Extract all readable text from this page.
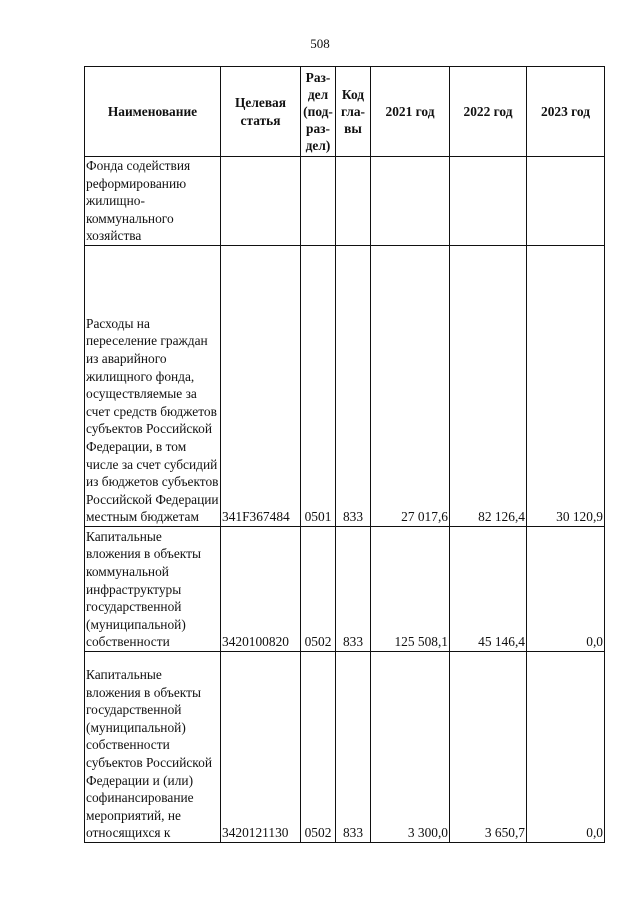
508
Наименование	Целевая статья	Раз-дел (под-раз-дел)	Код гла-вы	2021 год	2022 год	2023 год
Фонда содействия реформированию жилищно-коммунального хозяйства						
Расходы на переселение граждан из аварийного жилищного фонда, осуществляемые за счет средств бюджетов субъектов Российской Федерации, в том числе за счет субсидий из бюджетов субъектов Российской Федерации местным бюджетам	341F367484	0501	833	27 017,6	82 126,4	30 120,9
Капитальные вложения в объекты коммунальной инфраструктуры государственной (муниципальной) собственности	3420100820	0502	833	125 508,1	45 146,4	0,0
Капитальные вложения в объекты государственной (муниципальной) собственности субъектов Российской Федерации и (или) софинансирование мероприятий, не относящихся к	3420121130	0502	833	3 300,0	3 650,7	0,0
